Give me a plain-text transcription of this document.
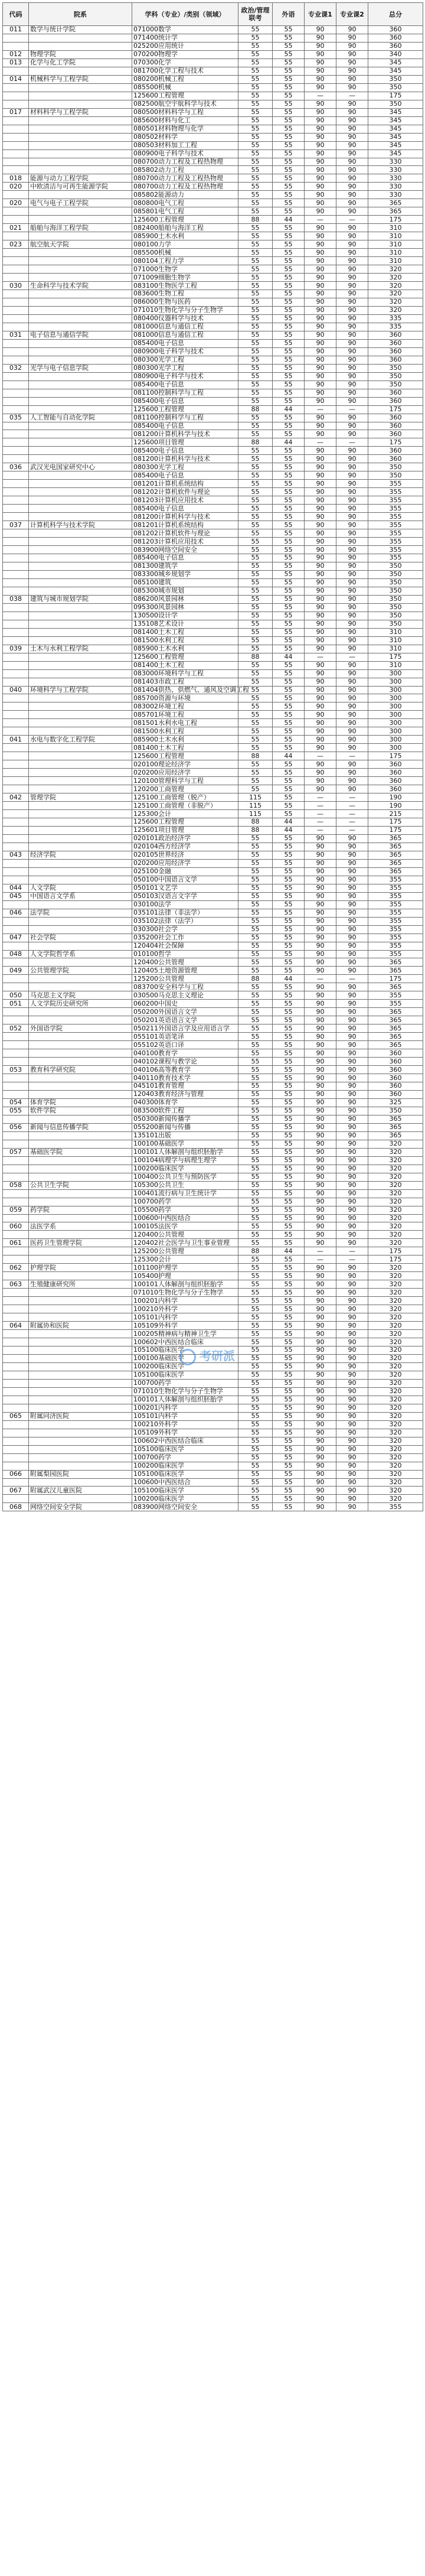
代码	院系	学科（专业）/类别（领域）	政治/管理联考	外语	专业课1	专业课2	总分
011	数学与统计学院	071000数学	55	55	90	90	360
		071400统计学	55	55	90	90	360
		025200应用统计	55	55	90	90	360
012	物理学院	070200物理学	55	55	90	90	340
013	化学与化工学院	070300化学	55	55	90	90	345
		081700化学工程与技术	55	55	90	90	345
014	机械科学与工程学院	080200机械工程	55	55	90	90	350
		085500机械	55	55	90	90	350
		125600工程管理	55	55	—	—	175
		082500航空宇航科学与技术	55	55	90	90	350
017	材料科学与工程学院	080500材料科学与工程	55	55	90	90	345
		085600材料与化工	55	55	90	90	345
		080501材料物理与化学	55	55	90	90	345
		080502材料学	55	55	90	90	345
		080503材料加工工程	55	55	90	90	345
		080900电子科学与技术	55	55	90	90	345
		080700动力工程及工程热物理	55	55	90	90	330
		085802动力工程	55	55	90	90	330
018	能源与动力工程学院	080700动力工程及工程热物理	55	55	90	90	330
020	中欧清洁与可再生能源学院	080700动力工程及工程热物理	55	55	90	90	330
		085802能源动力	55	55	90	90	330
020	电气与电子工程学院	080800电气工程	55	55	90	90	365
		085801电气工程	55	55	90	90	365
		125600工程管理	88	44	—	—	175
021	船舶与海洋工程学院	082400船舶与海洋工程	55	55	90	90	310
		085900土木水利	55	55	90	90	310
023	航空航天学院	080100力学	55	55	90	90	310
		085500机械	55	55	90	90	310
		080104工程力学	55	55	90	90	310
		071000生物学	55	55	90	90	320
		071009细胞生物学	55	55	90	90	320
030	生命科学与技术学院	083100生物医学工程	55	55	90	90	320
		083600生物工程	55	55	90	90	320
		086000生物与医药	55	55	90	90	320
		071010生物化学与分子生物学	55	55	90	90	320
		080400仪器科学与技术	55	55	90	90	335
		081000信息与通信工程	55	55	90	90	335
031	电子信息与通信学院	081000信息与通信工程	55	55	90	90	360
		085400电子信息	55	55	90	90	360
		080900电子科学与技术	55	55	90	90	360
		080300光学工程	55	55	90	90	360
032	光学与电子信息学院	080300光学工程	55	55	90	90	350
		080900电子科学与技术	55	55	90	90	350
		085400电子信息	55	55	90	90	350
		081100控制科学与工程	55	55	90	90	360
		085400电子信息	55	55	90	90	360
		125600工程管理	88	44	—	—	175
035	人工智能与自动化学院	081100控制科学与工程	55	55	90	90	360
		085400电子信息	55	55	90	90	360
		081200计算机科学与技术	55	55	90	90	360
		125600项目管理	88	44	—	—	175
		085400电子信息	55	55	90	90	360
		081200计算机科学与技术	55	55	90	90	360
036	武汉光电国家研究中心	080300光学工程	55	55	90	90	350
		085400电子信息	55	55	90	90	350
		081201计算机系统结构	55	55	90	90	355
		081202计算机软件与理论	55	55	90	90	355
		081203计算机应用技术	55	55	90	90	355
		085400电子信息	55	55	90	90	355
		081200计算机科学与技术	55	55	90	90	355
037	计算机科学与技术学院	081201计算机系统结构	55	55	90	90	355
		081202计算机软件与理论	55	55	90	90	355
		081203计算机应用技术	55	55	90	90	355
		083900网络空间安全	55	55	90	90	355
		085400电子信息	55	55	90	90	355
		081300建筑学	55	55	90	90	350
		083300城乡规划学	55	55	90	90	350
		085100建筑	55	55	90	90	350
		085300城市规划	55	55	90	90	350
038	建筑与城市规划学院	086200风景园林	55	55	90	90	350
		095300风景园林	55	55	90	90	350
		130500设计学	55	55	90	90	350
		135108艺术设计	55	55	90	90	350
		081400土木工程	55	55	90	90	310
		081500水利工程	55	55	90	90	310
039	土木与水利工程学院	085900土木水利	55	55	90	90	310
		125600工程管理	88	44	—	—	175
		081400土木工程	55	55	90	90	310
		083000环境科学与工程	55	55	90	90	300
		081403市政工程	55	55	90	90	300
040	环境科学与工程学院	081404供热、供燃气、通风及空调工程	55	55	90	90	300
		085700资源与环境	55	55	90	90	300
		083002环境工程	55	55	90	90	300
		085701环境工程	55	55	90	90	300
		081501水利水电工程	55	55	90	90	300
		081500水利工程	55	55	90	90	300
041	水电与数字化工程学院	085900土木水利	55	55	90	90	300
		081400土木工程	55	55	90	90	300
		125600工程管理	88	44	—	—	175
		020100理论经济学	55	55	90	90	360
		020200应用经济学	55	55	90	90	360
		120100管理科学与工程	55	55	90	90	360
		120200工商管理	55	55	90	90	360
042	管理学院	125100工商管理（脱产）	115	55	—	—	190
		125100工商管理（非脱产）	115	55	—	—	190
		125300会计	115	55	—	—	215
		125600工程管理	88	44	—	—	175
		125601项目管理	88	44	—	—	175
		020101政治经济学	55	55	90	90	365
		020104西方经济学	55	55	90	90	365
043	经济学院	020105世界经济	55	55	90	90	365
		020200应用经济学	55	55	90	90	365
		025100金融	55	55	90	90	365
		050100中国语言文学	55	55	90	90	355
044	人文学院	050101文艺学	55	55	90	90	355
045	中国语言文学系	050103汉语言文字学	55	55	90	90	355
		030100法学	55	55	90	90	355
046	法学院	035101法律（非法学）	55	55	90	90	355
		035102法律（法学）	55	55	90	90	355
		030300社会学	55	55	90	90	355
047	社会学院	035200社会工作	55	55	90	90	355
		120404社会保障	55	55	90	90	355
048	人文学院哲学系	010100哲学	55	55	90	90	355
		120400公共管理	55	55	90	90	365
049	公共管理学院	120405土地资源管理	55	55	90	90	365
		125200公共管理	88	44	—	—	175
		083700安全科学与工程	55	55	90	90	365
050	马克思主义学院	030500马克思主义理论	55	55	90	90	355
051	人文学院历史研究所	060200中国史	55	55	90	90	355
		050200外国语言文学	55	55	90	90	365
		050201英语语言文学	55	55	90	90	365
052	外国语学院	050211外国语言学及应用语言学	55	55	90	90	365
		055101英语笔译	55	55	90	90	365
		055102英语口译	55	55	90	90	365
		040100教育学	55	55	90	90	360
		040102课程与教学论	55	55	90	90	360
053	教育科学研究院	040106高等教育学	55	55	90	90	360
		040110教育技术学	55	55	90	90	360
		045101教育管理	55	55	90	90	360
		120403教育经济与管理	55	55	90	90	360
054	体育学院	040300体育学	55	55	90	90	325
055	软件学院	083500软件工程	55	55	90	90	350
		050300新闻传播学	55	55	90	90	365
056	新闻与信息传播学院	055200新闻与传播	55	55	90	90	365
		135101出版	55	55	90	90	365
		100100基础医学	55	55	90	90	320
057	基础医学院	100101人体解剖与组织胚胎学	55	55	90	90	320
		100104病理学与病理生理学	55	55	90	90	320
		100200临床医学	55	55	90	90	320
		100400公共卫生与预防医学	55	55	90	90	320
058	公共卫生学院	105300公共卫生	55	55	90	90	320
		100401流行病与卫生统计学	55	55	90	90	320
		100700药学	55	55	90	90	320
059	药学院	105500药学	55	55	90	90	320
		100600中西医结合	55	55	90	90	320
060	法医学系	100105法医学	55	55	90	90	320
		120400公共管理	55	55	90	90	320
061	医药卫生管理学院	120402社会医学与卫生事业管理	55	55	90	90	320
		125200公共管理	88	44	—	—	175
		125300会计	55	55	—	—	175
062	护理学院	101100护理学	55	55	90	90	320
		105400护理	55	55	90	90	320
063	生殖健康研究所	100101人体解剖与组织胚胎学	55	55	90	90	320
		071010生物化学与分子生物学	55	55	90	90	320
		100201内科学	55	55	90	90	320
		100210外科学	55	55	90	90	320
		105101内科学	55	55	90	90	320
064	附属协和医院	105109外科学	55	55	90	90	320
		100205精神病与精神卫生学	55	55	90	90	320
		100602中西医结合临床	55	55	90	90	320
		105100临床医学	55	55	90	90	320
		100100基础医学	55	55	90	90	320
		100200临床医学	55	55	90	90	320
		105100临床医学	55	55	90	90	320
		100700药学	55	55	90	90	320
		071010生物化学与分子生物学	55	55	90	90	320
		100101人体解剖与组织胚胎学	55	55	90	90	320
		100201内科学	55	55	90	90	320
065	附属同济医院	105101内科学	55	55	90	90	320
		100210外科学	55	55	90	90	320
		105109外科学	55	55	90	90	320
		100602中西医结合临床	55	55	90	90	320
		105100临床医学	55	55	90	90	320
		100700药学	55	55	90	90	320
		100200临床医学	55	55	90	90	320
066	附属梨园医院	105100临床医学	55	55	90	90	320
		100600中西医结合	55	55	90	90	320
067	附属武汉儿童医院	105100临床医学	55	55	90	90	320
		100200临床医学	55	55	90	90	320
068	网络空间安全学院	083900网络空间安全	55	55	90	90	355
考研派
